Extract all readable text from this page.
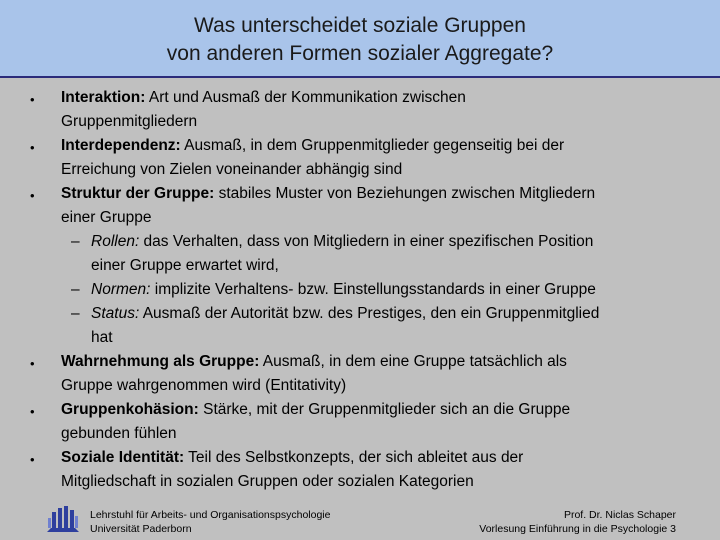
Was unterscheidet soziale Gruppen
von anderen Formen sozialer Aggregate?
• Interaktion: Art und Ausmaß der Kommunikation zwischen
Gruppenmitgliedern
• Interdependenz: Ausmaß, in dem Gruppenmitglieder gegenseitig bei der
Erreichung von Zielen voneinander abhängig sind
• Struktur der Gruppe: stabiles Muster von Beziehungen zwischen Mitgliedern
einer Gruppe
– Rollen: das Verhalten, dass von Mitgliedern in einer spezifischen Position
einer Gruppe erwartet wird,
– Normen: implizite Verhaltens- bzw. Einstellungsstandards in einer Gruppe
– Status: Ausmaß der Autorität bzw. des Prestiges, den ein Gruppenmitglied
hat
• Wahrnehmung als Gruppe: Ausmaß, in dem eine Gruppe tatsächlich als
Gruppe wahrgenommen wird (Entitativity)
• Gruppenkohäsion: Stärke, mit der Gruppenmitglieder sich an die Gruppe
gebunden fühlen
• Soziale Identität: Teil des Selbstkonzepts, der sich ableitet aus der
Mitgliedschaft in sozialen Gruppen oder sozialen Kategorien
Lehrstuhl für Arbeits- und Organisationspsychologie
Universität Paderborn
Prof. Dr. Niclas Schaper
Vorlesung Einführung in die Psychologie 3
